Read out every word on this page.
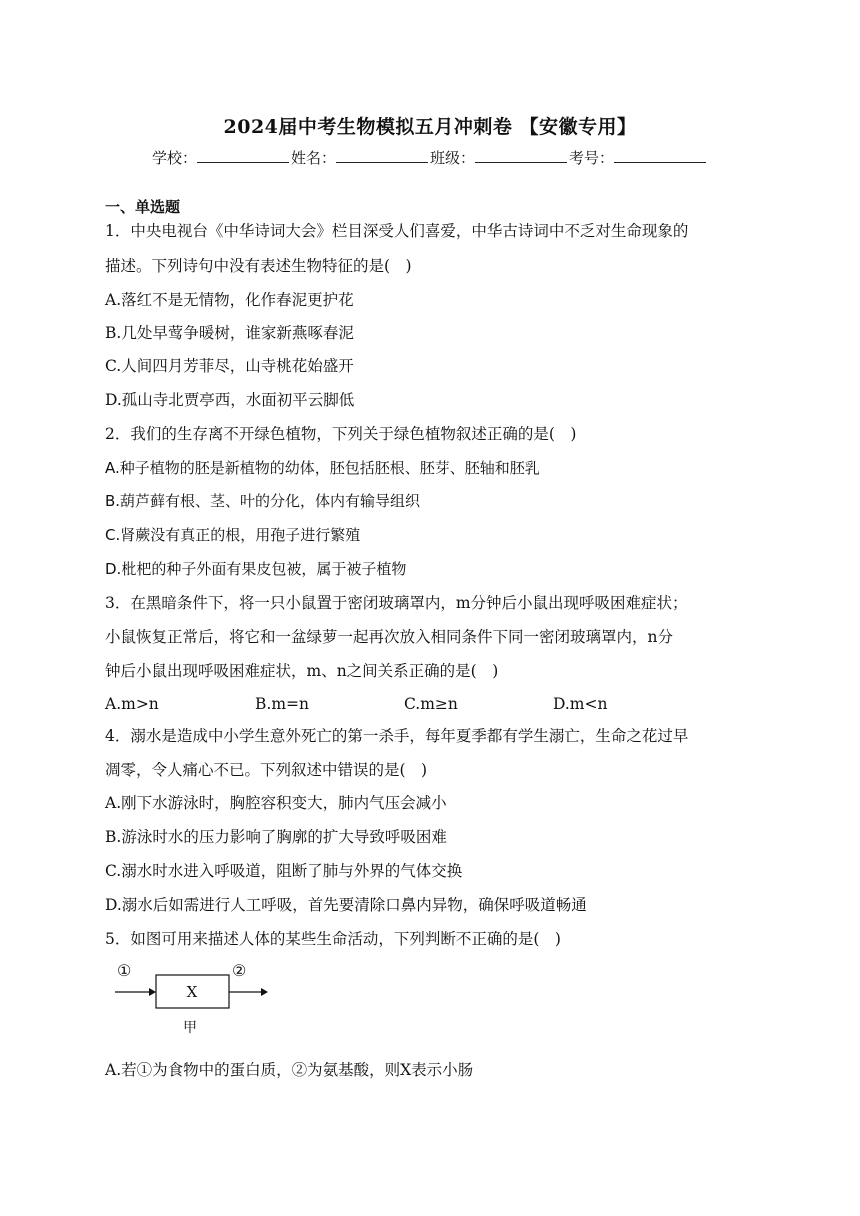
2024届中考生物模拟五月冲刺卷 【安徽专用】
学校：	姓名：	班级：	考号：
一、单选题
1．中央电视台《中华诗词大会》栏目深受人们喜爱，中华古诗词中不乏对生命现象的
描述。下列诗句中没有表述生物特征的是(　)
A.落红不是无情物，化作春泥更护花
B.几处早莺争暖树，谁家新燕啄春泥
C.人间四月芳菲尽，山寺桃花始盛开
D.孤山寺北贾亭西，水面初平云脚低
2．我们的生存离不开绿色植物，下列关于绿色植物叙述正确的是(　)
A.种子植物的胚是新植物的幼体，胚包括胚根、胚芽、胚轴和胚乳
B.葫芦藓有根、茎、叶的分化，体内有输导组织
C.肾蕨没有真正的根，用孢子进行繁殖
D.枇杷的种子外面有果皮包被，属于被子植物
3．在黑暗条件下，将一只小鼠置于密闭玻璃罩内，m分钟后小鼠出现呼吸困难症状；
小鼠恢复正常后，将它和一盆绿萝一起再次放入相同条件下同一密闭玻璃罩内，n分
钟后小鼠出现呼吸困难症状，m、n之间关系正确的是(　)
A.m>n	B.m=n	C.m≥n	D.m<n
4．溺水是造成中小学生意外死亡的第一杀手，每年夏季都有学生溺亡，生命之花过早
凋零，令人痛心不已。下列叙述中错误的是(　)
A.刚下水游泳时，胸腔容积变大，肺内气压会减小
B.游泳时水的压力影响了胸廓的扩大导致呼吸困难
C.溺水时水进入呼吸道，阻断了肺与外界的气体交换
D.溺水后如需进行人工呼吸，首先要清除口鼻内异物，确保呼吸道畅通
5．如图可用来描述人体的某些生命活动，下列判断不正确的是(　)
①
X
②
甲
A.若①为食物中的蛋白质，②为氨基酸，则X表示小肠
